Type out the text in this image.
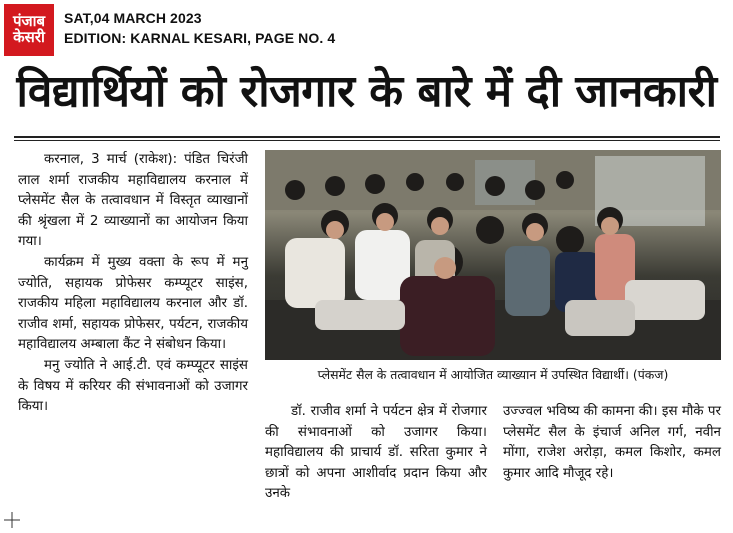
पंजाब
केसरी
SAT,04 MARCH 2023
EDITION: KARNAL KESARI, PAGE NO. 4
विद्यार्थियों को रोजगार के बारे में दी जानकारी

करनाल, 3 मार्च (राकेश): पंडित चिरंजी लाल शर्मा राजकीय महाविद्यालय करनाल में प्लेसमेंट सैल के तत्वावधान में विस्तृत व्याखानों की श्रृंखला में 2 व्याख्यानों का आयोजन किया गया।

कार्यक्रम में मुख्य वक्ता के रूप में मनु ज्योति, सहायक प्रोफेसर कम्प्यूटर साइंस, राजकीय महिला महाविद्यालय करनाल और डॉ. राजीव शर्मा, सहायक प्रोफेसर, पर्यटन, राजकीय महाविद्यालय अम्बाला कैंट ने संबोधन किया।

मनु ज्योति ने आई.टी. एवं कम्प्यूटर साइंस के विषय में करियर की संभावनाओं को उजागर किया।

प्लेसमेंट सैल के तत्वावधान में आयोजित व्याख्यान में उपस्थित विद्यार्थी। (पंकज)

डॉ. राजीव शर्मा ने पर्यटन क्षेत्र में रोजगार की संभावनाओं को उजागर किया। महाविद्यालय की प्राचार्य डॉ. सरिता कुमार ने छात्रों को अपना आशीर्वाद प्रदान किया और उनके

उज्ज्वल भविष्य की कामना की। इस मौके पर प्लेसमेंट सैल के इंचार्ज अनिल गर्ग, नवीन मोंगा, राजेश अरोड़ा, कमल किशोर, कमल कुमार आदि मौजूद रहे।
